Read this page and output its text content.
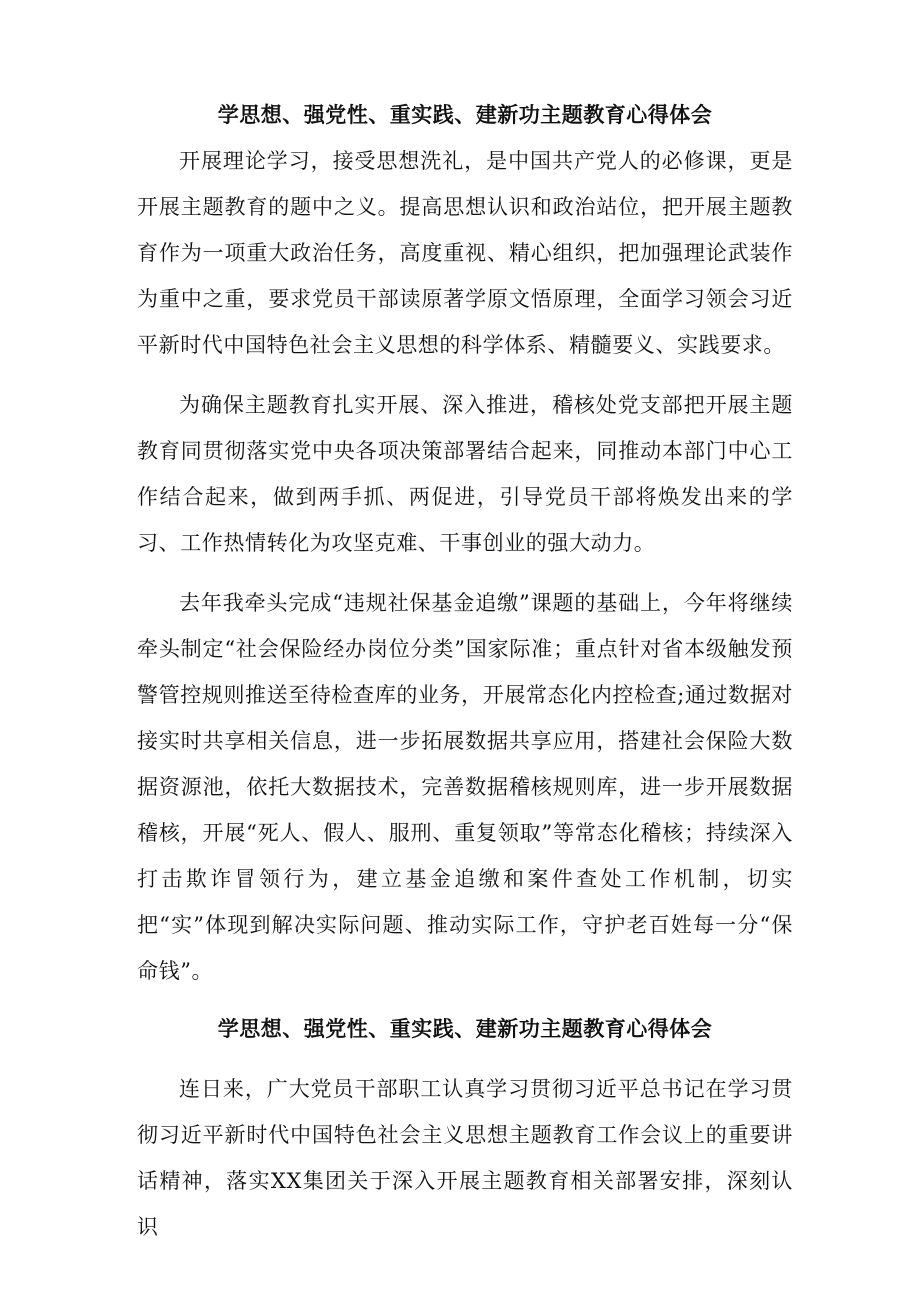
学思想、强党性、重实践、建新功主题教育心得体会

开展理论学习，接受思想洗礼，是中国共产党人的必修课，更是开展主题教育的题中之义。提高思想认识和政治站位，把开展主题教育作为一项重大政治任务，高度重视、精心组织，把加强理论武装作为重中之重，要求党员干部读原著学原文悟原理，全面学习领会习近平新时代中国特色社会主义思想的科学体系、精髓要义、实践要求。

为确保主题教育扎实开展、深入推进，稽核处党支部把开展主题教育同贯彻落实党中央各项决策部署结合起来，同推动本部门中心工作结合起来，做到两手抓、两促进，引导党员干部将焕发出来的学习、工作热情转化为攻坚克难、干事创业的强大动力。

去年我牵头完成“违规社保基金追缴”课题的基础上，今年将继续牵头制定“社会保险经办岗位分类”国家际准；重点针对省本级触发预警管控规则推送至待检查库的业务，开展常态化内控检查;通过数据对接实时共享相关信息，进一步拓展数据共享应用，搭建社会保险大数据资源池，依托大数据技术，完善数据稽核规则库，进一步开展数据稽核，开展“死人、假人、服刑、重复领取”等常态化稽核；持续深入打击欺诈冒领行为，建立基金追缴和案件查处工作机制，切实把“实”体现到解决实际问题、推动实际工作，守护老百姓每一分“保命钱”。

学思想、强党性、重实践、建新功主题教育心得体会

连日来，广大党员干部职工认真学习贯彻习近平总书记在学习贯彻习近平新时代中国特色社会主义思想主题教育工作会议上的重要讲话精神，落实XX集团关于深入开展主题教育相关部署安排，深刻认识
